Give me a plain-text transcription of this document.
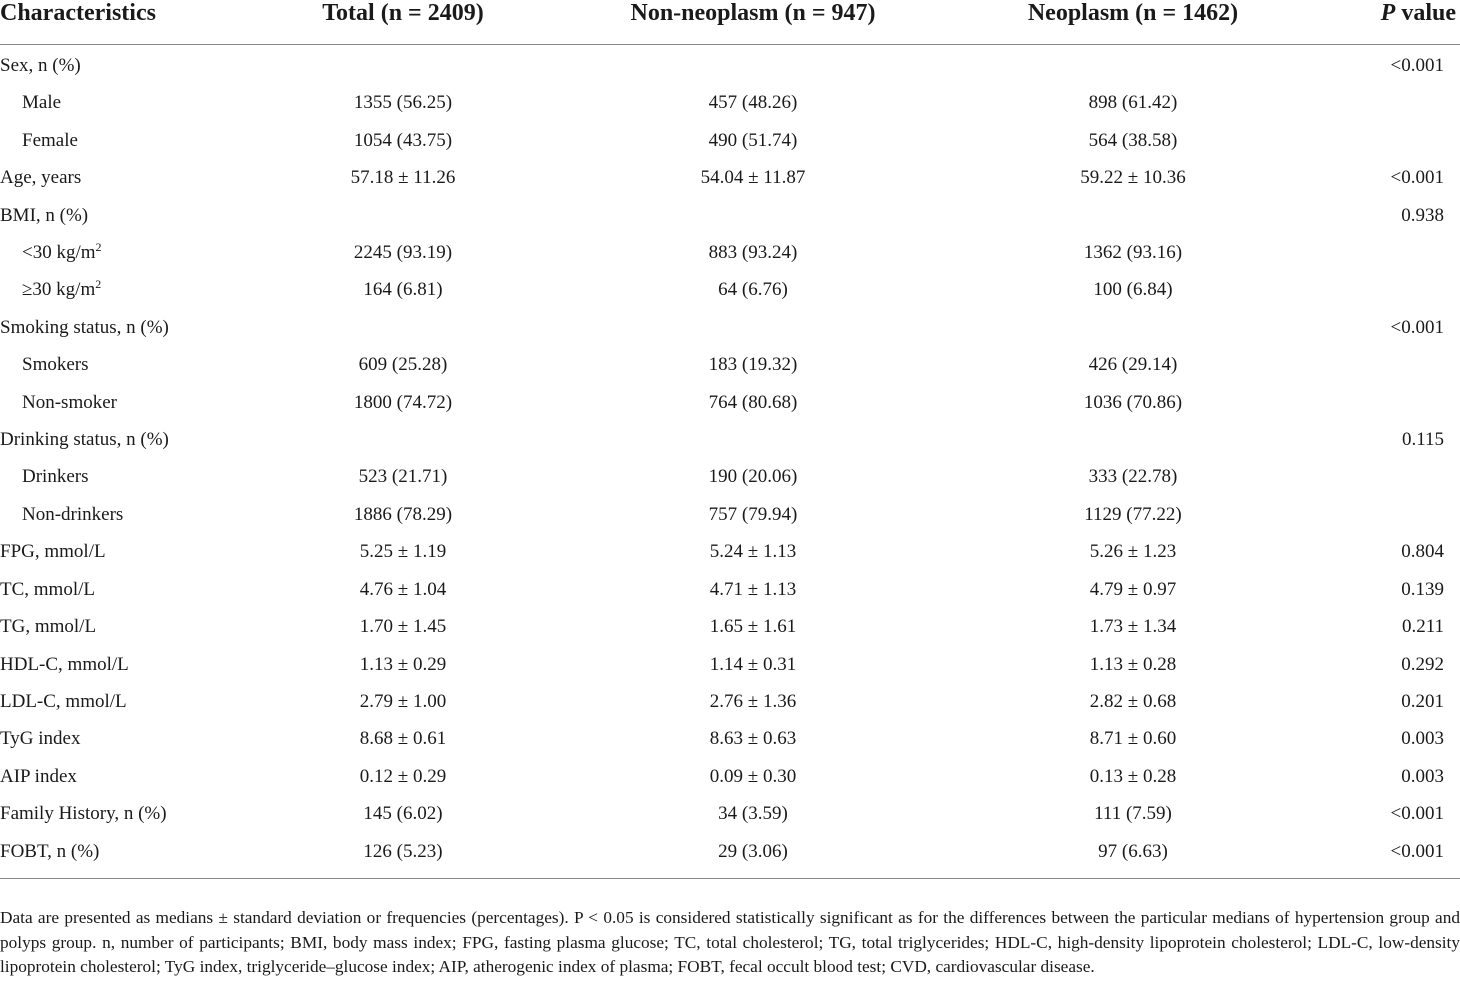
Characteristics	Total (n = 2409)	Non-neoplasm (n = 947)	Neoplasm (n = 1462)	P value
Sex, n (%)				<0.001
Male	1355 (56.25)	457 (48.26)	898 (61.42)	
Female	1054 (43.75)	490 (51.74)	564 (38.58)	
Age, years	57.18 ± 11.26	54.04 ± 11.87	59.22 ± 10.36	<0.001
BMI, n (%)				0.938
<30 $kg/m^2$	2245 (93.19)	883 (93.24)	1362 (93.16)	
≥30 $kg/m^2$	164 (6.81)	64 (6.76)	100 (6.84)	
Smoking status, n (%)				<0.001
Smokers	609 (25.28)	183 (19.32)	426 (29.14)	
Non-smoker	1800 (74.72)	764 (80.68)	1036 (70.86)	
Drinking status, n (%)				0.115
Drinkers	523 (21.71)	190 (20.06)	333 (22.78)	
Non-drinkers	1886 (78.29)	757 (79.94)	1129 (77.22)	
FPG, mmol/L	5.25 ± 1.19	5.24 ± 1.13	5.26 ± 1.23	0.804
TC, mmol/L	4.76 ± 1.04	4.71 ± 1.13	4.79 ± 0.97	0.139
TG, mmol/L	1.70 ± 1.45	1.65 ± 1.61	1.73 ± 1.34	0.211
HDL-C, mmol/L	1.13 ± 0.29	1.14 ± 0.31	1.13 ± 0.28	0.292
LDL-C, mmol/L	2.79 ± 1.00	2.76 ± 1.36	2.82 ± 0.68	0.201
TyG index	8.68 ± 0.61	8.63 ± 0.63	8.71 ± 0.60	0.003
AIP index	0.12 ± 0.29	0.09 ± 0.30	0.13 ± 0.28	0.003
Family History, n (%)	145 (6.02)	34 (3.59)	111 (7.59)	<0.001
FOBT, n (%)	126 (5.23)	29 (3.06)	97 (6.63)	<0.001
Data are presented as medians ± standard deviation or frequencies (percentages). P < 0.05 is considered statistically significant as for the differences between the particular medians of hypertension group and polyps group. n, number of participants; BMI, body mass index; FPG, fasting plasma glucose; TC, total cholesterol; TG, total triglycerides; HDL-C, high-density lipoprotein cholesterol; LDL-C, low-density lipoprotein cholesterol; TyG index, triglyceride–glucose index; AIP, atherogenic index of plasma; FOBT, fecal occult blood test; CVD, cardiovascular disease.
